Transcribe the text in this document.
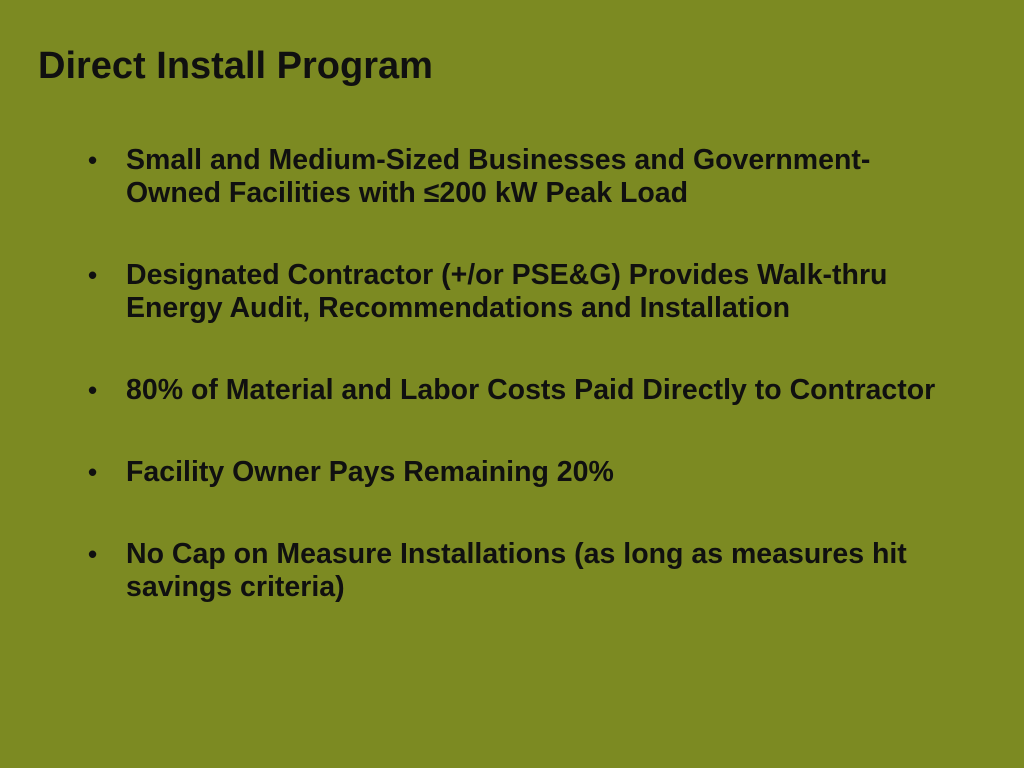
Direct Install Program
• Small and Medium-Sized Businesses and Government-Owned Facilities with ≤200 kW Peak Load
• Designated Contractor (+/or PSE&G) Provides Walk-thru Energy Audit, Recommendations and Installation
• 80% of Material and Labor Costs Paid Directly to Contractor
• Facility Owner Pays Remaining 20%
• No Cap on Measure Installations (as long as measures hit savings criteria)
